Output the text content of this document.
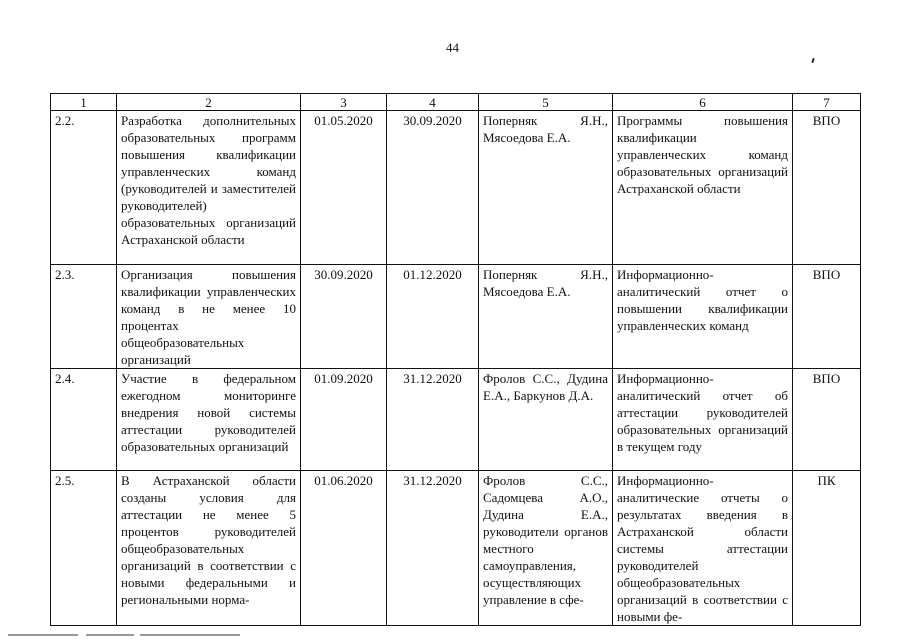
44
1	2	3	4	5	6	7
2.2.	Разработка дополнительных образовательных программ повышения квалификации управленческих команд (руководителей и заместителей руководителей) образовательных организаций Астраханской области	01.05.2020	30.09.2020	Поперняк Я.Н., Мясоедова Е.А.	Программы повышения квалификации управленческих команд образовательных организаций Астраханской области	ВПО
2.3.	Организация повышения квалификации управленческих команд в не менее 10 процентах общеобразовательных организаций	30.09.2020	01.12.2020	Поперняк Я.Н., Мясоедова Е.А.	Информационно-аналитический отчет о повышении квалификации управленческих команд	ВПО
2.4.	Участие в федеральном ежегодном мониторинге внедрения новой системы аттестации руководителей образовательных организаций	01.09.2020	31.12.2020	Фролов С.С., Дудина Е.А., Баркунов Д.А.	Информационно-аналитический отчет об аттестации руководителей образовательных организаций в текущем году	ВПО
2.5.	В Астраханской области созданы условия для аттестации не менее 5 процентов руководителей общеобразовательных организаций в соответствии с новыми федеральными и региональными норма-	01.06.2020	31.12.2020	Фролов С.С., Садомцева А.О., Дудина Е.А., руководители органов местного самоуправления, осуществляющих управление в сфе-	Информационно-аналитические отчеты о результатах введения в Астраханской области системы аттестации руководителей общеобразовательных организаций в соответствии с новыми фе-	ПК
